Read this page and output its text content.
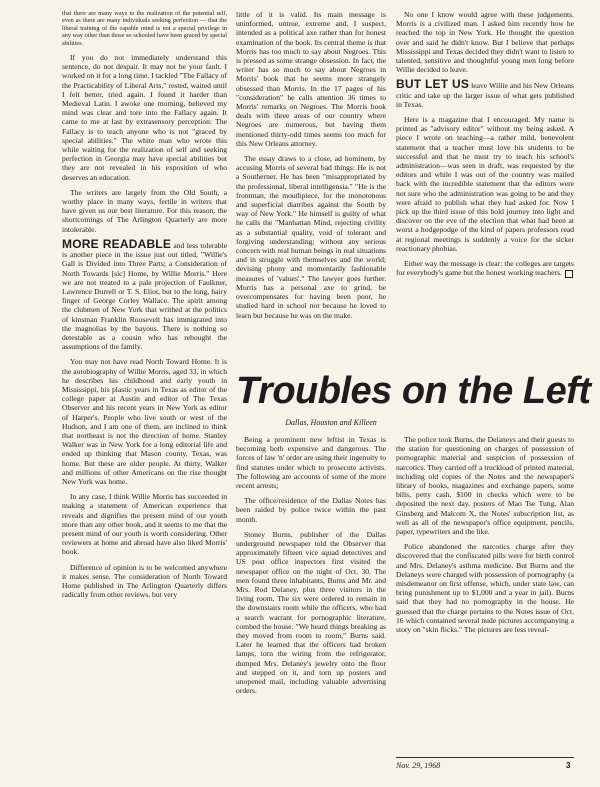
that there are many ways to the realization of the potential self, even as there are many individuals seeking perfection — that the liberal training of the capable mind is not a special privilege in any way other than those so schooled have been graced by special abilities.

If you do not immediately understand this sentence, do not despair. It may not be your fault. I worked on it for a long time. I tackled "The Fallacy of the Practicability of Liberal Arts," rested, waited until I felt better, tried again. I found it harder than Medieval Latin. I awoke one morning, believed my mind was clear and tore into the Fallacy again. It came to me at last by extrasensory perception: The Fallacy is to teach anyone who is not "graced by special abilities." The white man who wrote this while waiting for the realization of self and seeking perfection in Georgia may have special abilities but they are not revealed in his exposition of who deserves an education.

The writers are largely from the Old South, a worthy place in many ways, fertile in writers that have given us our best literature. For this reason, the shortcomings of The Arlington Quarterly are more intolerable.

MORE READABLE and less tolerable is another piece in the issue just out titled, "Willie's Gall is Divided into Three Parts; a Consideration of North Towards [sic] Home, by Willie Morris." Here we are not treated to a pale projection of Faulkner, Lawrence Durrell or T. S. Eliot, but to the long, hairy finger of George Corley Wallace. The spirit among the clubmen of New York that writhed at the politics of kinsman Franklin Roosevelt has immigrated into the magnolias by the bayous. There is nothing so detestable as a cousin who has rebought the assumptions of the family.

You may not have read North Toward Home. It is the autobiography of Willie Morris, aged 33, in which he describes his childhood and early youth in Mississippi, his plastic years in Texas as editor of the college paper at Austin and editor of The Texas Observer and his recent years in New York as editor of Harper's. People who live south or west of the Hudson, and I am one of them, are inclined to think that northeast is not the direction of home. Stanley Walker was in New York for a long editorial life and ended up thinking that Mason county, Texas, was home. But these are older people. At thirty, Walker and millions of other Americans on the rise thought New York was home.

In any case, I think Willie Morris has succeeded in making a statement of American experience that reveals and dignifies the present mind of our youth more than any other book, and it seems to me that the present mind of our youth is worth considering. Other reviewers at home and abroad have also liked Morris' book.

Difference of opinion is to be welcomed anywhere it makes sense. The consideration of North Toward Home published in The Arlington Quarterly differs radically from other reviews, but very

little of it is valid. Its main message is uninformed, untrue, extreme and, I suspect, intended as a political axe rather than for honest examination of the book. Its central theme is that Morris has too much to say about Negroes. This is pressed as some strange obsession. In fact, the writer has so much to say about Negroes in Morris' book that he seems more strangely obsessed than Morris. In the 17 pages of his "consideration" he calls attention 36 times to Morris' remarks on Negroes. The Morris book deals with three areas of our country where Negroes are numerous, but having them mentioned thirty-odd times seems too much for this New Orleans attorney.

The essay draws to a close, ad hominem, by accusing Morris of several bad things: He is not a Southerner. He has been "misappropriated by the professional, liberal intelligensia." "He is the frontman, the mouthpiece, for the monotonous and superficial diatribes against the South by way of New York." He himself is guilty of what he calls the "Manhattan Mind, rejecting civility as a substantial quality, void of tolerant and forgiving understanding; without any serious concern with real human beings in real situations and in struggle with themselves and the world; devising phony and momentarily fashionable measures of 'values'." The lawyer goes further. Morris has a personal axe to grind, be overcompensates for having been poor, he studied hard in school not because he loved to learn but because he was on the make.

No one I know would agree with these judgements. Morris is a civilized man. I asked him recently how he reached the top in New York. He thought the question over and said he didn't know. But I believe that perhaps Mississippi and Texas decided they didn't want to listen to talented, sensitive and thoughtful young men long before Willie decided to leave.

BUT LET US leave Willie and his New Orleans critic and take up the larger issue of what gets published in Texas.

Here is a magazine that I encouraged. My name is printed as "advisory editor" without my being asked. A piece I wrote on teaching—a rather mild, benevolent statement that a teacher must love his students to be successful and that he must try to teach his school's administration—was seen in draft, was requested by the editors and while I was out of the country was mailed back with the incredible statement that the editors were not sure who the administration was going to be and they were afraid to publish what they had asked for. Now I pick up the third issue of this bold journey into light and discover on the eve of the election that what had been at worst a hodgepodge of the kind of papers professors read at regional meetings is suddenly a voice for the sicker reactionary phobias.

Either way the message is clear: the colleges are targets for everybody's game but the honest working teachers.

Troubles on the Left
Dallas, Houston and Killeen

Being a prominent new leftist in Texas is becoming both expensive and dangerous. The forces of law 'n' order are using their ingenuity to find statutes under which to prosecute activists. The following are accounts of some of the more recent arrests;

The office/residence of the Dallas Notes has been raided by police twice within the past month.

Stoney Burns, publisher of the Dallas underground newspaper told the Observer that approximately fifteen vice squad detectives and US post office inspectors first visited the newspaper office on the night of Oct. 30. The men found three inhabitants, Burns and Mr. and Mrs. Rod Delaney, plus three visitors in the living room. The six were ordered to remain in the downstairs room while the officers, who had a search warrant for pornographic literature, combed the house. "We heard things breaking as they moved from room to room," Burns said. Later he learned that the officers had broken lamps, torn the wiring from the refrigerator, dumped Mrs. Delaney's jewelry onto the floor and stepped on it, and torn up posters and unopened mail, including valuable advertising orders.

The police took Burns, the Delaneys and their guests to the station for questioning on charges of possession of pornographic material and suspicion of possession of narcotics. They carried off a truckload of printed material, including old copies of the Notes and the newspaper's library of books, magazines and exchange papers, some bills, petty cash, $100 in checks which were to be deposited the next day, posters of Mao Tse Tung, Alan Ginsberg and Malcom X, the Notes' subscription list, as well as all of the newspaper's office equipment, pencils, paper, typewriters and the like.

Police abandoned the narcotics charge after they discovered that the confiscated pills were for birth control and Mrs. Delaney's asthma medicine. But Burns and the Delaneys were charged with possession of pornography (a misdemeanor on first offense, which, under state law, can bring punishment up to $1,000 and a year in jail). Burns said that they had no pornography in the house. He guessed that the charge pertains to the Notes issue of Oct. 16 which contained several nude pictures accompanying a story on "skin flicks." The pictures are less reveal-

Nov. 29, 1968	3
